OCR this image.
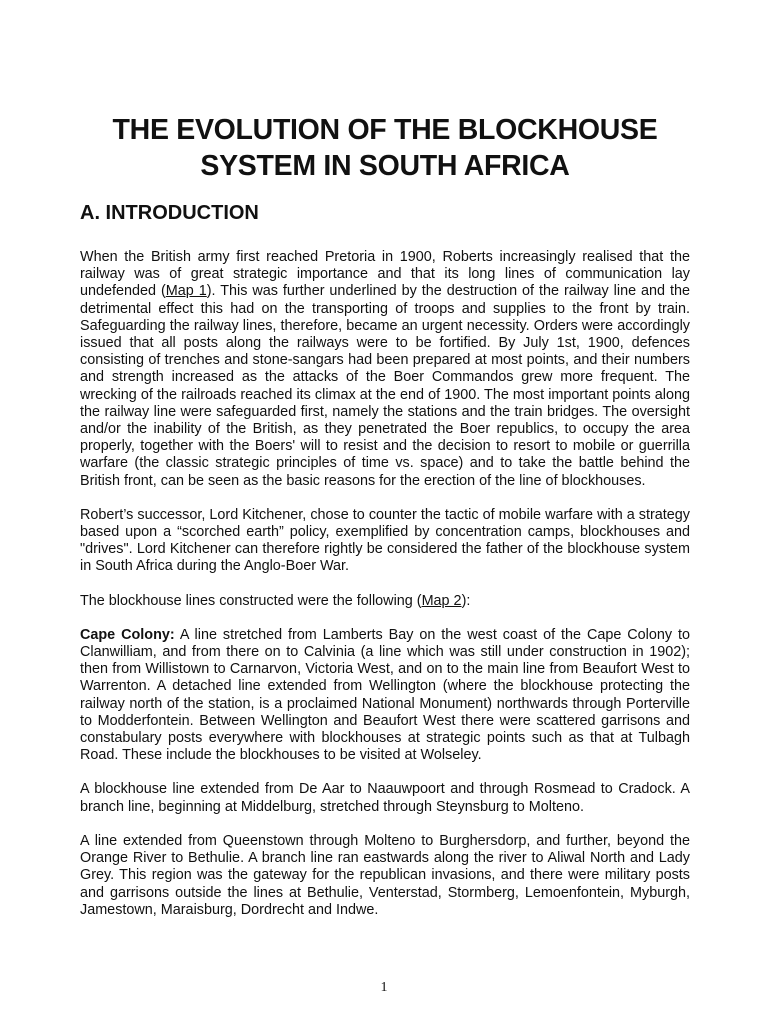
THE EVOLUTION OF THE BLOCKHOUSE SYSTEM IN SOUTH AFRICA
A. INTRODUCTION

When the British army first reached Pretoria in 1900, Roberts increasingly realised that the railway was of great strategic importance and that its long lines of communication lay undefended (Map 1). This was further underlined by the destruction of the railway line and the detrimental effect this had on the transporting of troops and supplies to the front by train. Safeguarding the railway lines, therefore, became an urgent necessity. Orders were accordingly issued that all posts along the railways were to be fortified. By July 1st, 1900, defences consisting of trenches and stone-sangars had been prepared at most points, and their numbers and strength increased as the attacks of the Boer Commandos grew more frequent. The wrecking of the railroads reached its climax at the end of 1900. The most important points along the railway line were safeguarded first, namely the stations and the train bridges. The oversight and/or the inability of the British, as they penetrated the Boer republics, to occupy the area properly, together with the Boers' will to resist and the decision to resort to mobile or guerrilla warfare (the classic strategic principles of time vs. space) and to take the battle behind the British front, can be seen as the basic reasons for the erection of the line of blockhouses.

Robert’s successor, Lord Kitchener, chose to counter the tactic of mobile warfare with a strategy based upon a “scorched earth” policy, exemplified by concentration camps, blockhouses and "drives". Lord Kitchener can therefore rightly be considered the father of the blockhouse system in South Africa during the Anglo-Boer War.

The blockhouse lines constructed were the following (Map 2):

Cape Colony: A line stretched from Lamberts Bay on the west coast of the Cape Colony to Clanwilliam, and from there on to Calvinia (a line which was still under construction in 1902); then from Willistown to Carnarvon, Victoria West, and on to the main line from Beaufort West to Warrenton. A detached line extended from Wellington (where the blockhouse protecting the railway north of the station, is a proclaimed National Monument) northwards through Porterville to Modderfontein. Between Wellington and Beaufort West there were scattered garrisons and constabulary posts everywhere with blockhouses at strategic points such as that at Tulbagh Road. These include the blockhouses to be visited at Wolseley.

A blockhouse line extended from De Aar to Naauwpoort and through Rosmead to Cradock. A branch line, beginning at Middelburg, stretched through Steynsburg to Molteno.

A line extended from Queenstown through Molteno to Burghersdorp, and further, beyond the Orange River to Bethulie. A branch line ran eastwards along the river to Aliwal North and Lady Grey. This region was the gateway for the republican invasions, and there were military posts and garrisons outside the lines at Bethulie, Venterstad, Stormberg, Lemoenfontein, Myburgh, Jamestown, Maraisburg, Dordrecht and Indwe.

1
